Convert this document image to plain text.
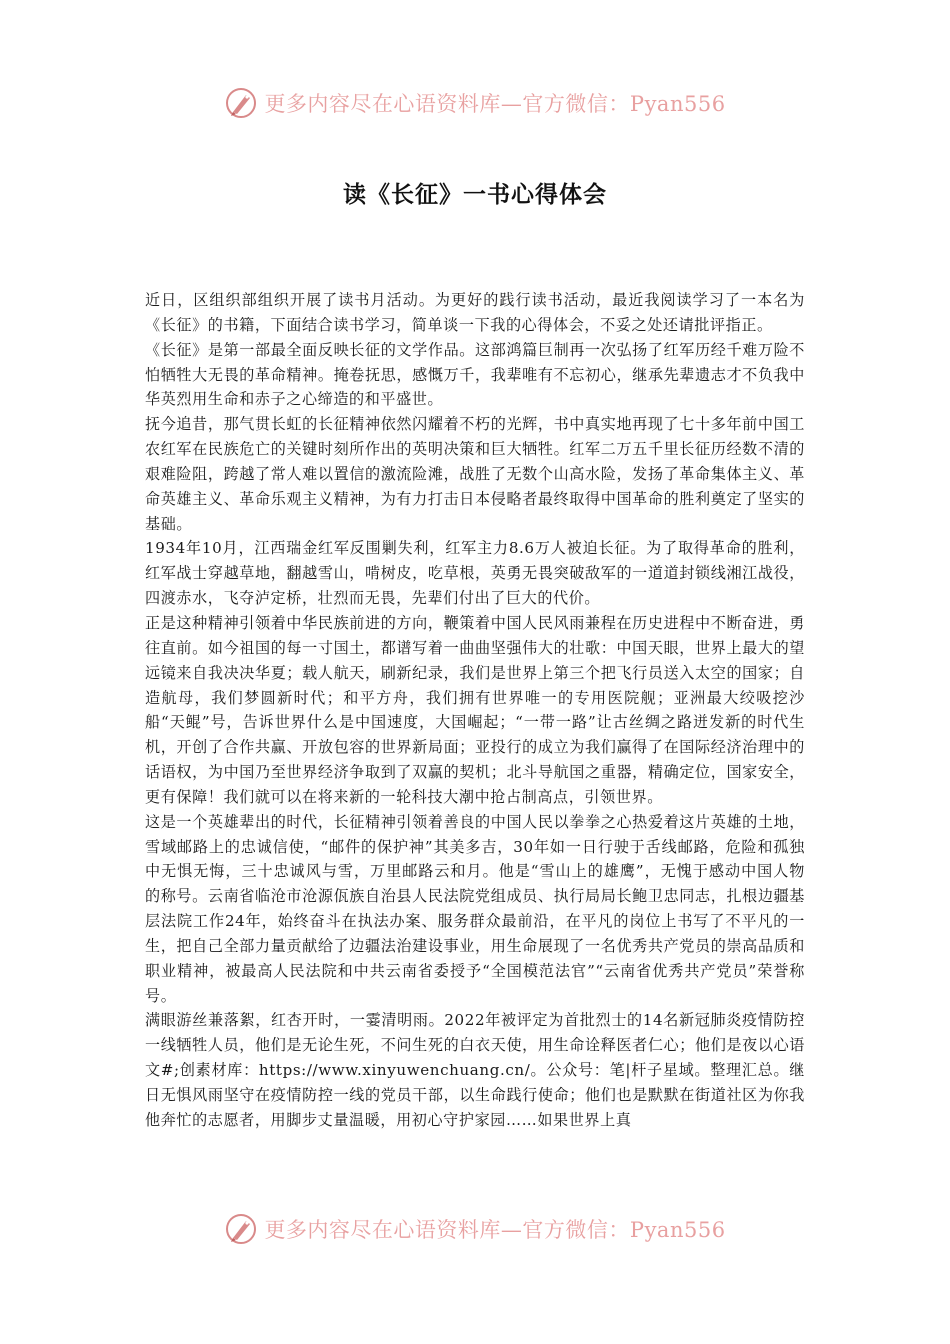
更多内容尽在心语资料库—官方微信：Pyan556
读《长征》一书心得体会

近日，区组织部组织开展了读书月活动。为更好的践行读书活动，最近我阅读学习了一本名为《长征》的书籍，下面结合读书学习，简单谈一下我的心得体会，不妥之处还请批评指正。

《长征》是第一部最全面反映长征的文学作品。这部鸿篇巨制再一次弘扬了红军历经千难万险不怕牺牲大无畏的革命精神。掩卷抚思，感慨万千，我辈唯有不忘初心，继承先辈遗志才不负我中华英烈用生命和赤子之心缔造的和平盛世。

抚今追昔，那气贯长虹的长征精神依然闪耀着不朽的光辉，书中真实地再现了七十多年前中国工农红军在民族危亡的关键时刻所作出的英明决策和巨大牺牲。红军二万五千里长征历经数不清的艰难险阻，跨越了常人难以置信的激流险滩，战胜了无数个山高水险，发扬了革命集体主义、革命英雄主义、革命乐观主义精神，为有力打击日本侵略者最终取得中国革命的胜利奠定了坚实的基础。

1934年10月，江西瑞金红军反围剿失利，红军主力8.6万人被迫长征。为了取得革命的胜利，红军战士穿越草地，翻越雪山，啃树皮，吃草根，英勇无畏突破敌军的一道道封锁线湘江战役，四渡赤水，飞夺泸定桥，壮烈而无畏，先辈们付出了巨大的代价。

正是这种精神引领着中华民族前进的方向，鞭策着中国人民风雨兼程在历史进程中不断奋进，勇往直前。如今祖国的每一寸国土，都谱写着一曲曲坚强伟大的壮歌：中国天眼，世界上最大的望远镜来自我决决华夏；载人航天，刷新纪录，我们是世界上第三个把飞行员送入太空的国家；自造航母，我们梦圆新时代；和平方舟，我们拥有世界唯一的专用医院舰；亚洲最大绞吸挖沙船“天鲲”号，告诉世界什么是中国速度，大国崛起；“一带一路”让古丝绸之路迸发新的时代生机，开创了合作共赢、开放包容的世界新局面；亚投行的成立为我们赢得了在国际经济治理中的话语权，为中国乃至世界经济争取到了双赢的契机；北斗导航国之重器，精确定位，国家安全，更有保障！我们就可以在将来新的一轮科技大潮中抢占制高点，引领世界。

这是一个英雄辈出的时代，长征精神引领着善良的中国人民以拳拳之心热爱着这片英雄的土地，雪域邮路上的忠诚信使，“邮件的保护神”其美多吉，30年如一日行驶于舌线邮路，危险和孤独中无惧无悔，三十忠诚风与雪，万里邮路云和月。他是“雪山上的雄鹰”，无愧于感动中国人物的称号。云南省临沧市沧源佤族自治县人民法院党组成员、执行局局长鲍卫忠同志，扎根边疆基层法院工作24年，始终奋斗在执法办案、服务群众最前沿，在平凡的岗位上书写了不平凡的一生，把自己全部力量贡献给了边疆法治建设事业，用生命展现了一名优秀共产党员的崇高品质和职业精神，被最高人民法院和中共云南省委授予“全国模范法官”“云南省优秀共产党员”荣誉称号。

满眼游丝兼落絮，红杏开时，一霎清明雨。2022年被评定为首批烈士的14名新冠肺炎疫情防控一线牺牲人员，他们是无论生死，不问生死的白衣天使，用生命诠释医者仁心；他们是夜以心语文#;创素材库：https://www.xinyuwenchuang.cn/。公众号：笔|杆子星域。整理汇总。继日无惧风雨坚守在疫情防控一线的党员干部，以生命践行使命；他们也是默默在街道社区为你我他奔忙的志愿者，用脚步丈量温暖，用初心守护家园……如果世界上真

更多内容尽在心语资料库—官方微信：Pyan556
